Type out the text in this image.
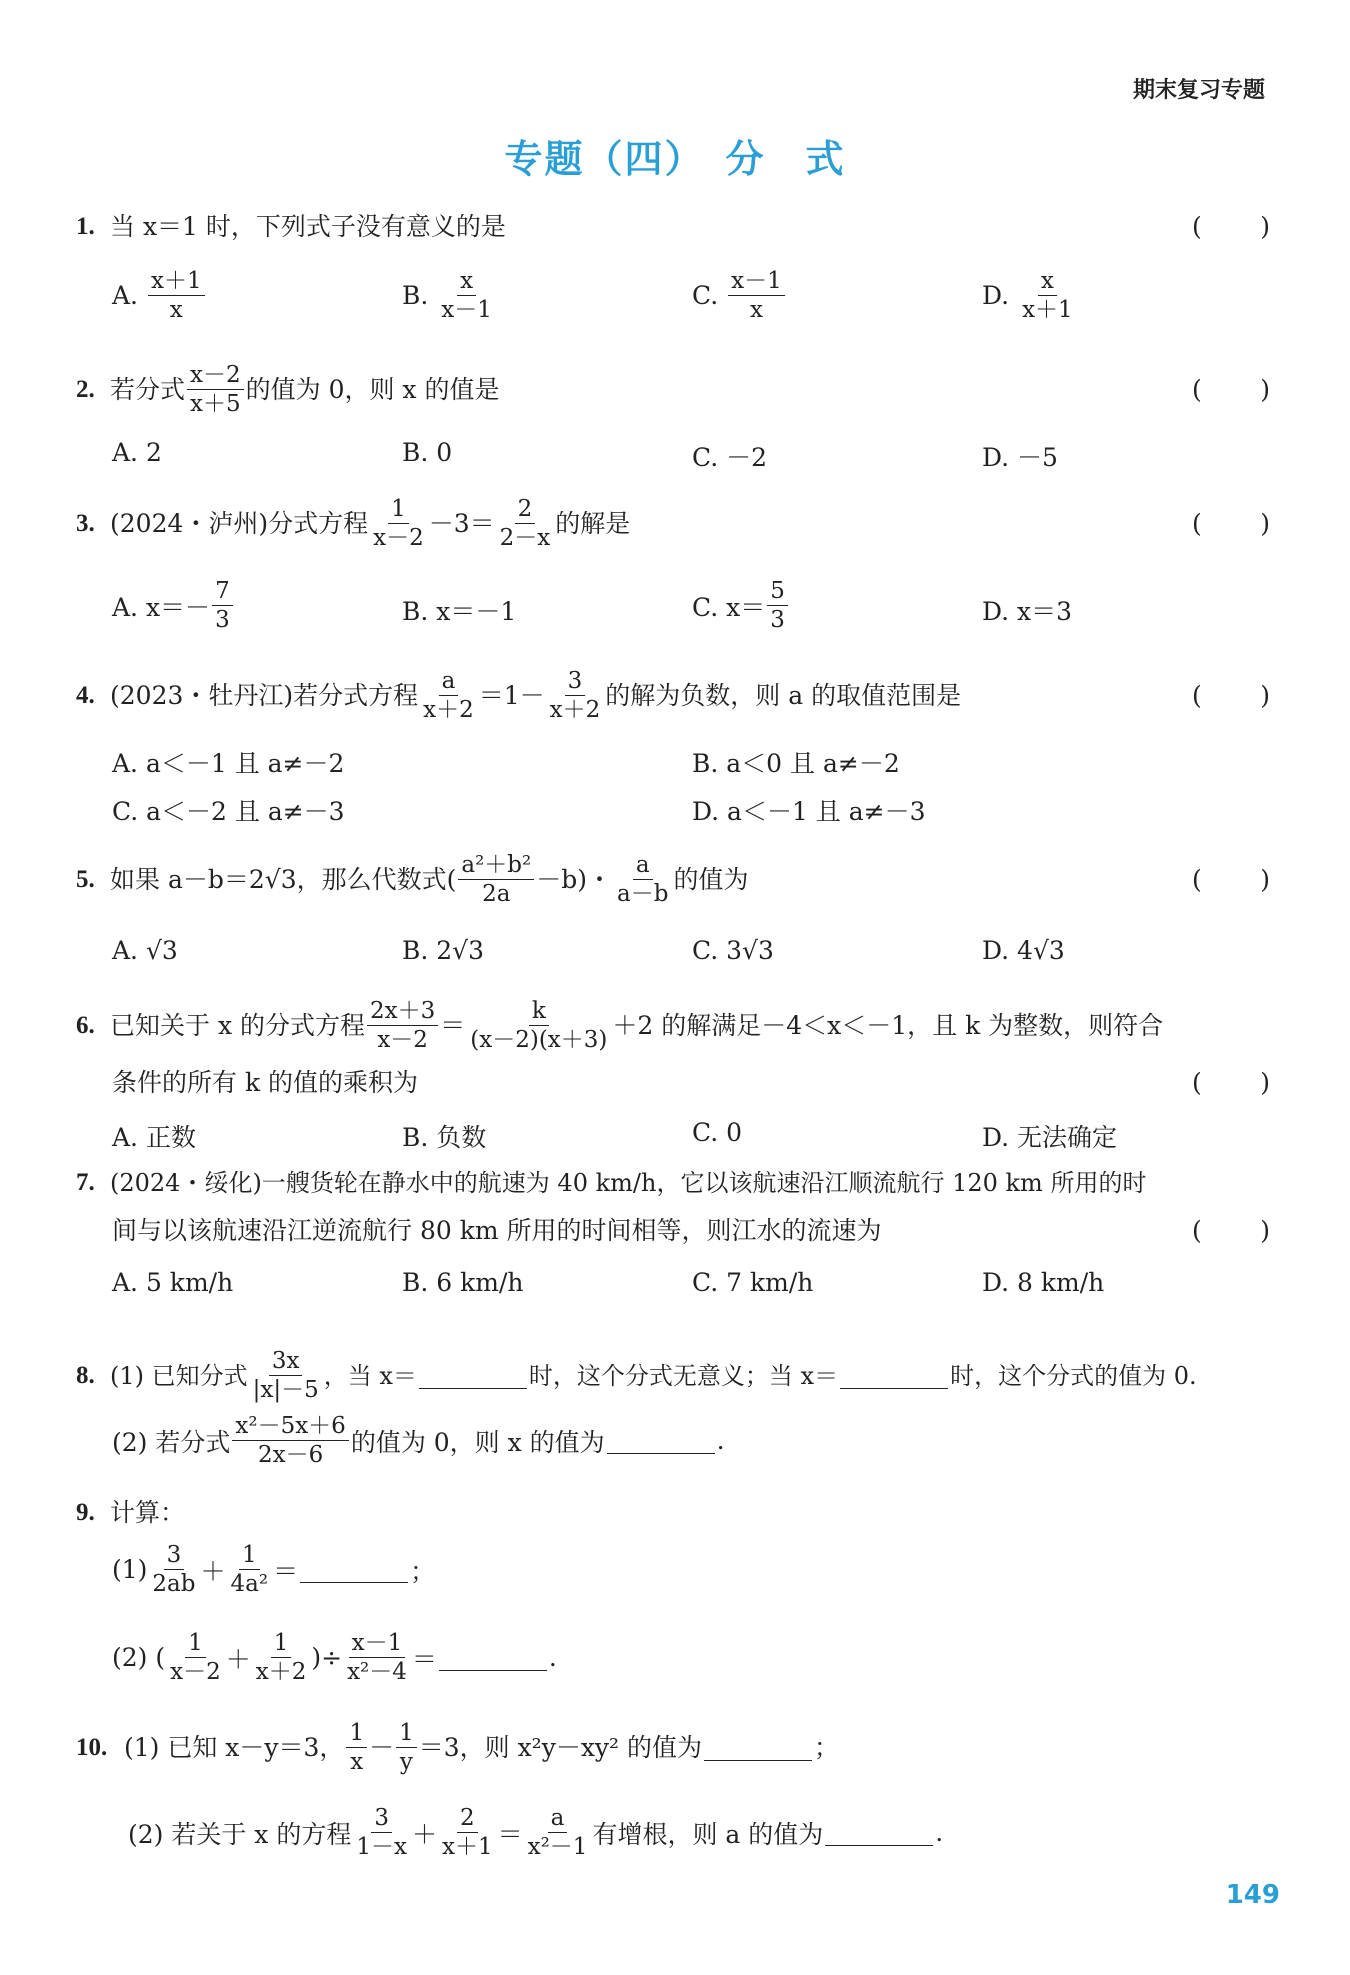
期末复习专题
专题（四）　分　式
1. 当 x＝1 时，下列式子没有意义的是	( )
A.
$\frac{x+1}{x}$	B.
$\frac{x}{x-1}$	C.
$\frac{x-1}{x}$	D.
$\frac{x}{x+1}$
2. 若分式 $\frac{x-2}{x+5}$ 的值为 0，则 x 的值是	( )
A. 2	B. 0	C. －2	D. －5
3. (2024・泸州)分式方程 $\frac{1}{x-2} -3= \frac{2}{2-x}$ 的解是	( )
A. $x=- \frac{7}{3}$	B. x＝－1	C. $x= \frac{5}{3}$	D. x＝3
4. (2023・牡丹江)若分式方程 $\frac{a}{x+2} =1- \frac{3}{x+2}$ 的解为负数，则 a 的取值范围是	( )
A. a＜－1 且 a≠－2	B. a＜0 且 a≠－2
C. a＜－2 且 a≠－3	D. a＜－1 且 a≠－3
5. 如果 a－b＝2√3，那么代数式( $\frac{\text{a²＋b²}}{2a} -b$)・ $\frac{a}{a-b}$ 的值为	( )
A. √3	B. 2√3	C. 3√3	D. 4√3
6. 已知关于 x 的分式方程 $\frac{2x+3}{x-2} = \frac{k}{(x-2)(x+3)} +2$ 的解满足－4＜x＜－1，且 k 为整数，则符合
条件的所有 k 的值的乘积为	( )
A. 正数	B. 负数	C. 0	D. 无法确定
7. (2024・绥化)一艘货轮在静水中的航速为 40 km/h，它以该航速沿江顺流航行 120 km 所用的时
间与以该航速沿江逆流航行 80 km 所用的时间相等，则江水的流速为	( )
A. 5 km/h	B. 6 km/h	C. 7 km/h	D. 8 km/h
8. (1) 已知分式 $\frac{3x}{|x|-5}$ ，当 x＝	时，这个分式无意义；当 x＝	时，这个分式的值为 0.
(2) 若分式 $\frac{\text{x²－5x＋6}}{2x-6}$ 的值为 0，则 x 的值为	.
9. 计算：
$(1) \frac{3}{2ab} + \frac{1}{\text{4a²}}$ ＝	；
(2) ( $\frac{1}{x-2} + \frac{1}{x+2}$ )÷ $\frac{x-1}{\text{x²－4}}$ ＝	.
10. (1) 已知 x－y＝3， $\frac{1}{x} - \frac{1}{y} =3$，则 x²y－xy² 的值为	；
(2) 若关于 x 的方程 $\frac{3}{1-x} + \frac{2}{x+1} = \frac{a}{\text{x²－1}}$ 有增根，则 a 的值为	.
149
